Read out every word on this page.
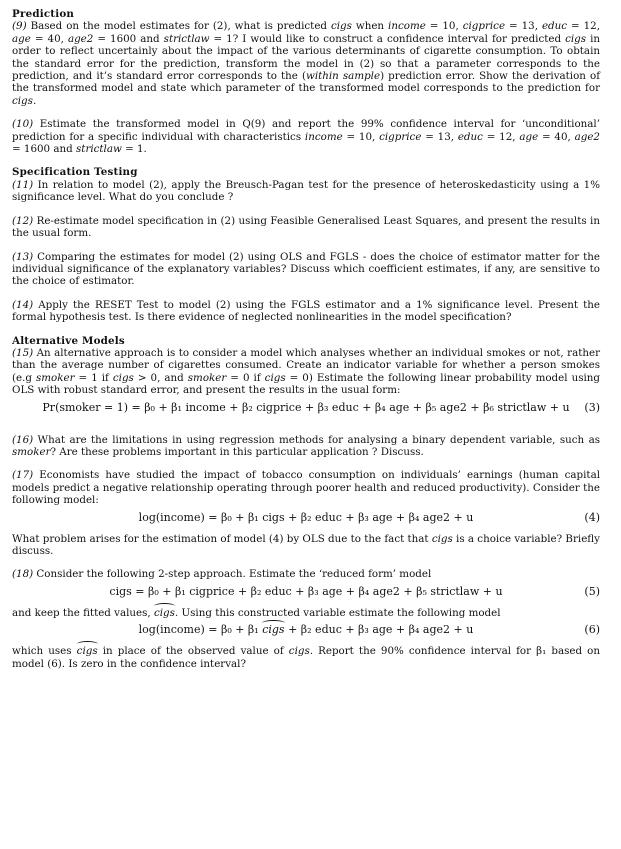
Prediction

(9) Based on the model estimates for (2), what is predicted cigs when income = 10, cigprice = 13, educ = 12, age = 40, age2 = 1600 and strictlaw = 1? I would like to construct a confidence interval for predicted cigs in order to reflect uncertainly about the impact of the various determinants of cigarette consumption. To obtain the standard error for the prediction, transform the model in (2) so that a parameter corresponds to the prediction, and it’s standard error corresponds to the (within sample) prediction error. Show the derivation of the transformed model and state which parameter of the transformed model corresponds to the prediction for cigs.

(10) Estimate the transformed model in Q(9) and report the 99% confidence interval for ‘unconditional’ prediction for a specific individual with characteristics income = 10, cigprice = 13, educ = 12, age = 40, age2 = 1600 and strictlaw = 1.

Specification Testing

(11) In relation to model (2), apply the Breusch-Pagan test for the presence of heteroskedasticity using a 1% significance level. What do you conclude ?

(12) Re-estimate model specification in (2) using Feasible Generalised Least Squares, and present the results in the usual form.

(13) Comparing the estimates for model (2) using OLS and FGLS - does the choice of estimator matter for the individual significance of the explanatory variables? Discuss which coefficient estimates, if any, are sensitive to the choice of estimator.

(14) Apply the RESET Test to model (2) using the FGLS estimator and a 1% significance level. Present the formal hypothesis test. Is there evidence of neglected nonlinearities in the model specification?

Alternative Models

(15) An alternative approach is to consider a model which analyses whether an individual smokes or not, rather than the average number of cigarettes consumed. Create an indicator variable for whether a person smokes (e.g smoker = 1 if cigs > 0, and smoker = 0 if cigs = 0) Estimate the following linear probability model using OLS with robust standard error, and present the results in the usual form:

Pr(smoker = 1) = β₀ + β₁ income + β₂ cigprice + β₃ educ + β₄ age + β₅ age2 + β₆ strictlaw + u (3)

(16) What are the limitations in using regression methods for analysing a binary dependent variable, such as smoker? Are these problems important in this particular application ? Discuss.

(17) Economists have studied the impact of tobacco consumption on individuals’ earnings (human capital models predict a negative relationship operating through poorer health and reduced productivity). Consider the following model:

log(income) = β₀ + β₁ cigs + β₂ educ + β₃ age + β₄ age2 + u	(4)

What problem arises for the estimation of model (4) by OLS due to the fact that cigs is a choice variable? Briefly discuss.

(18) Consider the following 2-step approach. Estimate the ‘reduced form’ model

cigs = β₀ + β₁ cigprice + β₂ educ + β₃ age + β₄ age2 + β₅ strictlaw + u	(5)

and keep the fitted values, cigs. Using this constructed variable estimate the following model

log(income) = β₀ + β₁ cigs + β₂ educ + β₃ age + β₄ age2 + u	(6)

which uses cigs in place of the observed value of cigs. Report the 90% confidence interval for β₁ based on model (6). Is zero in the confidence interval?
